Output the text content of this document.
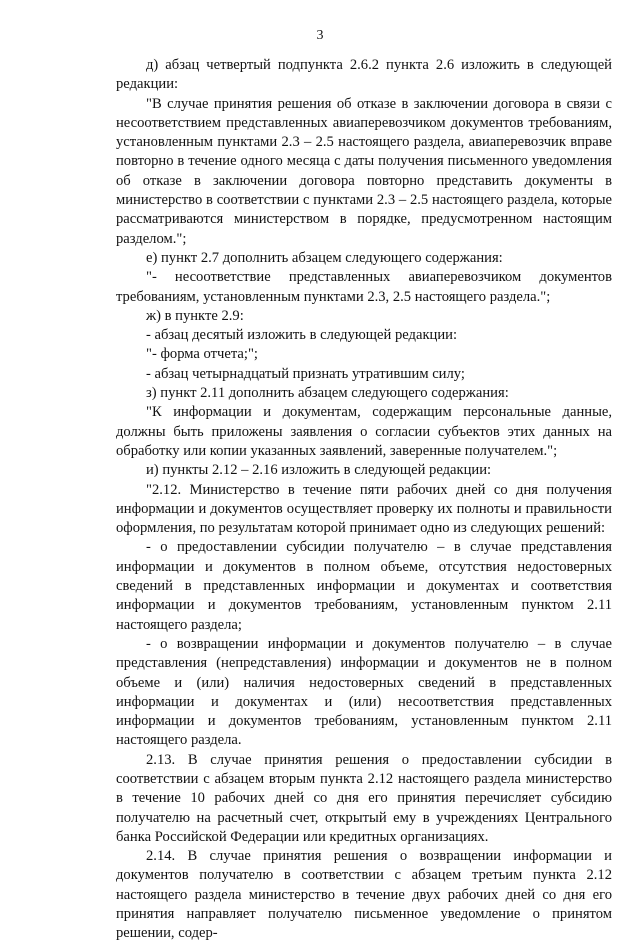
3

д) абзац четвертый подпункта 2.6.2 пункта 2.6 изложить в следующей редакции:

"В случае принятия решения об отказе в заключении договора в связи с несоответствием представленных авиаперевозчиком документов требованиям, установленным пунктами 2.3 – 2.5 настоящего раздела, авиаперевозчик вправе повторно в течение одного месяца с даты получения письменного уведомления об отказе в заключении договора повторно представить документы в министерство в соответствии с пунктами 2.3 – 2.5 настоящего раздела, которые рассматриваются министерством в порядке, предусмотренном настоящим разделом.";

е) пункт 2.7 дополнить абзацем следующего содержания:

"- несоответствие представленных авиаперевозчиком документов требованиям, установленным пунктами 2.3, 2.5 настоящего раздела.";

ж) в пункте 2.9:

- абзац десятый изложить в следующей редакции:

"- форма отчета;";

- абзац четырнадцатый признать утратившим силу;

з) пункт 2.11 дополнить абзацем следующего содержания:

"К информации и документам, содержащим персональные данные, должны быть приложены заявления о согласии субъектов этих данных на обработку или копии указанных заявлений, заверенные получателем.";

и) пункты 2.12 – 2.16 изложить в следующей редакции:

"2.12. Министерство в течение пяти рабочих дней со дня получения информации и документов осуществляет проверку их полноты и правильности оформления, по результатам которой принимает одно из следующих решений:

- о предоставлении субсидии получателю – в случае представления информации и документов в полном объеме, отсутствия недостоверных сведений в представленных информации и документах и соответствия информации и документов требованиям, установленным пунктом 2.11 настоящего раздела;

- о возвращении информации и документов получателю – в случае представления (непредставления) информации и документов не в полном объеме и (или) наличия недостоверных сведений в представленных информации и документах и (или) несоответствия представленных информации и документов требованиям, установленным пунктом 2.11 настоящего раздела.

2.13. В случае принятия решения о предоставлении субсидии в соответствии с абзацем вторым пункта 2.12 настоящего раздела министерство в течение 10 рабочих дней со дня его принятия перечисляет субсидию получателю на расчетный счет, открытый ему в учреждениях Центрального банка Российской Федерации или кредитных организациях.

2.14. В случае принятия решения о возвращении информации и документов получателю в соответствии с абзацем третьим пункта 2.12 настоящего раздела министерство в течение двух рабочих дней со дня его принятия направляет получателю письменное уведомление о принятом решении, содер-
